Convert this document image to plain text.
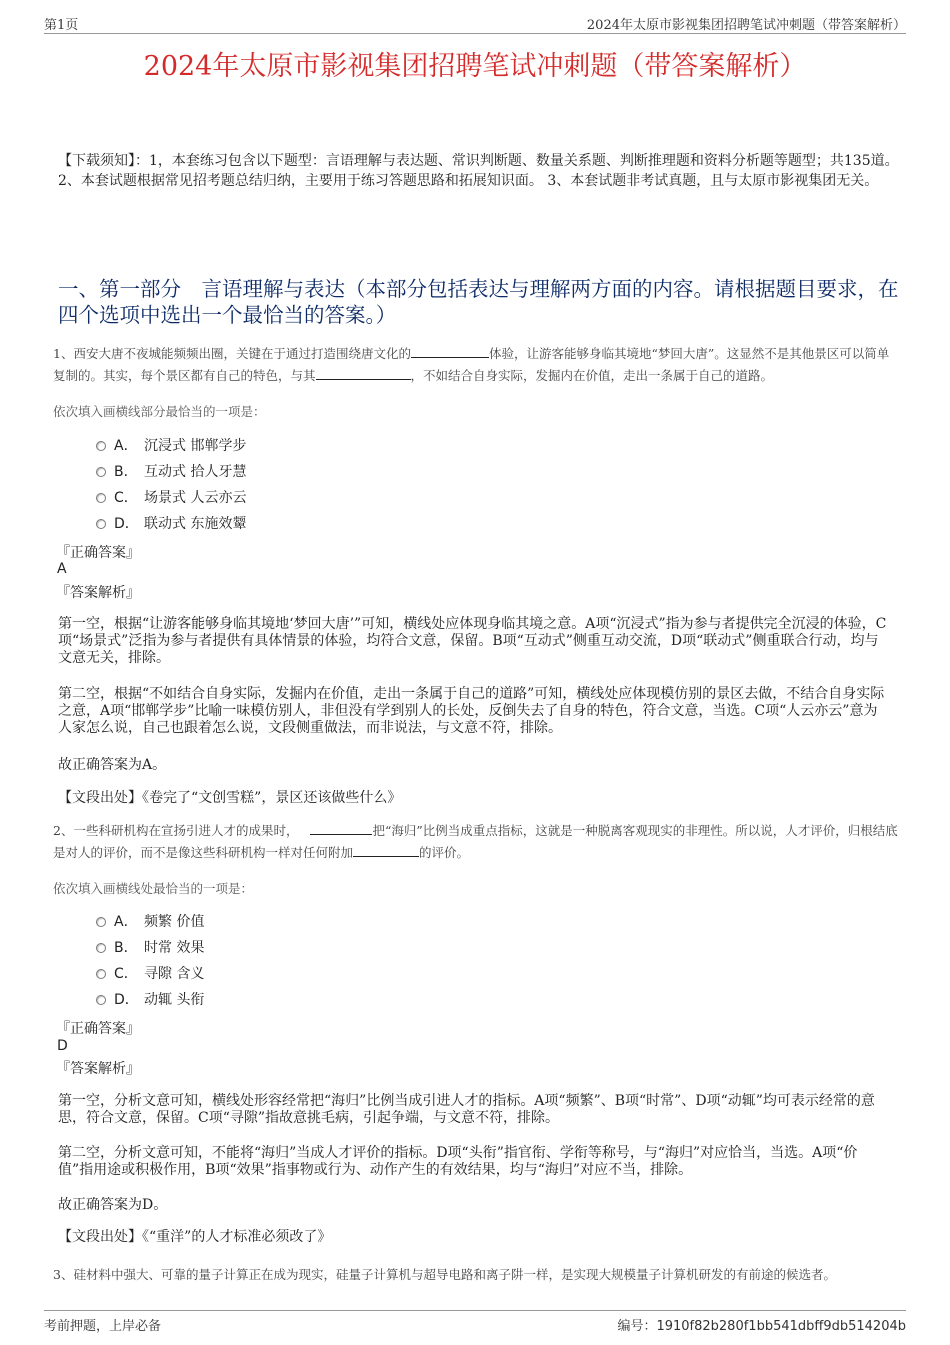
第1页	2024年太原市影视集团招聘笔试冲刺题（带答案解析）
2024年太原市影视集团招聘笔试冲刺题（带答案解析）
【下载须知】：1，本套练习包含以下题型：言语理解与表达题、常识判断题、数量关系题、判断推理题和资料分析题等题型；共135道。 2、本套试题根据常见招考题总结归纳，主要用于练习答题思路和拓展知识面。 3、本套试题非考试真题，且与太原市影视集团无关。
一、第一部分　言语理解与表达（本部分包括表达与理解两方面的内容。请根据题目要求，在四个选项中选出一个最恰当的答案。）
1、西安大唐不夜城能频频出圈，关键在于通过打造围绕唐文化的	体验，让游客能够身临其境地“梦回大唐”。这显然不是其他景区可以简单复制的。其实，每个景区都有自己的特色，与其	，不如结合自身实际，发掘内在价值，走出一条属于自己的道路。
依次填入画横线部分最恰当的一项是：
A． 沉浸式 邯郸学步
B． 互动式 拾人牙慧
C． 场景式 人云亦云
D． 联动式 东施效颦
『正确答案』
A
『答案解析』
第一空，根据“让游客能够身临其境地‘梦回大唐’”可知，横线处应体现身临其境之意。A项“沉浸式”指为参与者提供完全沉浸的体验，C项“场景式”泛指为参与者提供有具体情景的体验，均符合文意，保留。B项“互动式”侧重互动交流，D项“联动式”侧重联合行动，均与文意无关，排除。
第二空，根据“不如结合自身实际，发掘内在价值，走出一条属于自己的道路”可知，横线处应体现模仿别的景区去做，不结合自身实际之意，A项“邯郸学步”比喻一味模仿别人，非但没有学到别人的长处，反倒失去了自身的特色，符合文意，当选。C项“人云亦云”意为人家怎么说，自己也跟着怎么说，文段侧重做法，而非说法，与文意不符，排除。
故正确答案为A。
【文段出处】《卷完了“文创雪糕”，景区还该做些什么》
2、一些科研机构在宣扬引进人才的成果时，	把“海归”比例当成重点指标，这就是一种脱离客观现实的非理性。所以说，人才评价，归根结底是对人的评价，而不是像这些科研机构一样对任何附加	的评价。
依次填入画横线处最恰当的一项是：
A． 频繁 价值
B． 时常 效果
C． 寻隙 含义
D． 动辄 头衔
『正确答案』
D
『答案解析』
第一空，分析文意可知，横线处形容经常把“海归”比例当成引进人才的指标。A项“频繁”、B项“时常”、D项“动辄”均可表示经常的意思，符合文意，保留。C项“寻隙”指故意挑毛病，引起争端，与文意不符，排除。
第二空，分析文意可知，不能将“海归”当成人才评价的指标。D项“头衔”指官衔、学衔等称号，与“海归”对应恰当，当选。A项“价值”指用途或积极作用，B项“效果”指事物或行为、动作产生的有效结果，均与“海归”对应不当，排除。
故正确答案为D。
【文段出处】《“重洋”的人才标准必须改了》
3、硅材料中强大、可靠的量子计算正在成为现实，硅量子计算机与超导电路和离子阱一样，是实现大规模量子计算机研发的有前途的候选者。
考前押题，上岸必备	编号：1910f82b280f1bb541dbff9db514204b
